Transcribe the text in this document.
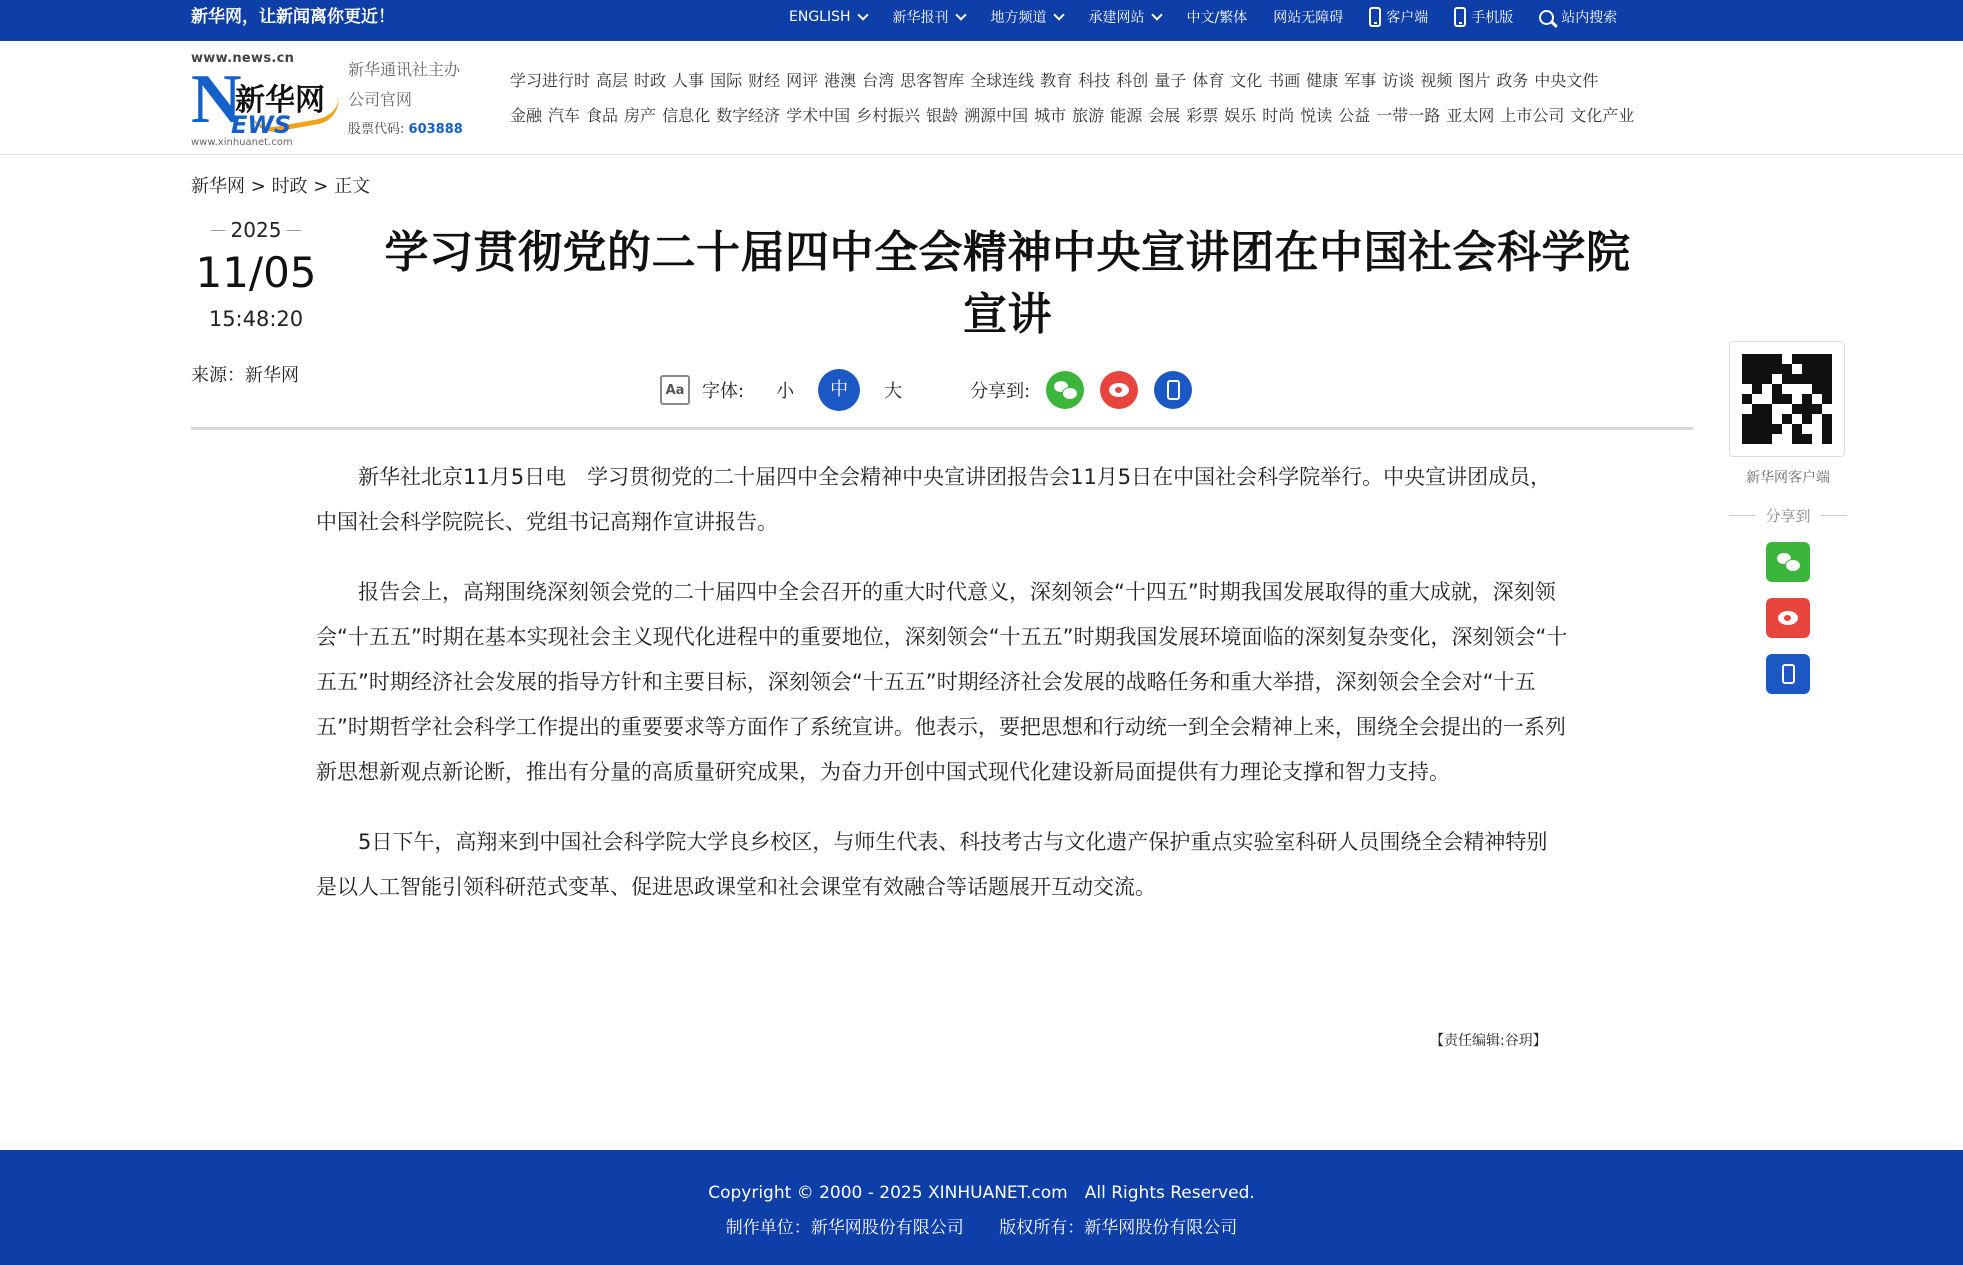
新华网，让新闻离你更近！	ENGLISH	新华报刊	地方频道	承建网站	中文/繁体 网站无障碍	客户端	手机版	站内搜索
www.news.cn
N
新华网
EWS
www.xinhuanet.com
新华通讯社主办
公司官网
股票代码: 603888
学习进行时 高层 时政 人事 国际 财经 网评 港澳 台湾 思客智库 全球连线 教育 科技 科创 量子 体育 文化 书画 健康 军事 访谈 视频 图片 政务 中央文件
金融 汽车 食品 房产 信息化 数字经济 学术中国 乡村振兴 银龄 溯源中国 城市 旅游 能源 会展 彩票 娱乐 时尚 悦读 公益 一带一路 亚太网 上市公司 文化产业
新华网 > 时政 > 正文
2025
11/05
15:48:20
来源：新华网
学习贯彻党的二十届四中全会精神中央宣讲团在中国社会科学院
宣讲
Aa 字体: 小	中	大	分享到:

新华社北京11月5日电　学习贯彻党的二十届四中全会精神中央宣讲团报告会11月5日在中国社会科学院举行。中央宣讲团成员，中国社会科学院院长、党组书记高翔作宣讲报告。

报告会上，高翔围绕深刻领会党的二十届四中全会召开的重大时代意义，深刻领会“十四五”时期我国发展取得的重大成就，深刻领会“十五五”时期在基本实现社会主义现代化进程中的重要地位，深刻领会“十五五”时期我国发展环境面临的深刻复杂变化，深刻领会“十五五”时期经济社会发展的指导方针和主要目标，深刻领会“十五五”时期经济社会发展的战略任务和重大举措，深刻领会全会对“十五五”时期哲学社会科学工作提出的重要要求等方面作了系统宣讲。他表示，要把思想和行动统一到全会精神上来，围绕全会提出的一系列新思想新观点新论断，推出有分量的高质量研究成果，为奋力开创中国式现代化建设新局面提供有力理论支撑和智力支持。

5日下午，高翔来到中国社会科学院大学良乡校区，与师生代表、科技考古与文化遗产保护重点实验室科研人员围绕全会精神特别是以人工智能引领科研范式变革、促进思政课堂和社会课堂有效融合等话题展开互动交流。

【责任编辑:谷玥】
新华网客户端
分享到
Copyright © 2000 - 2025 XINHUANET.com　All Rights Reserved.
制作单位：新华网股份有限公司 版权所有：新华网股份有限公司
